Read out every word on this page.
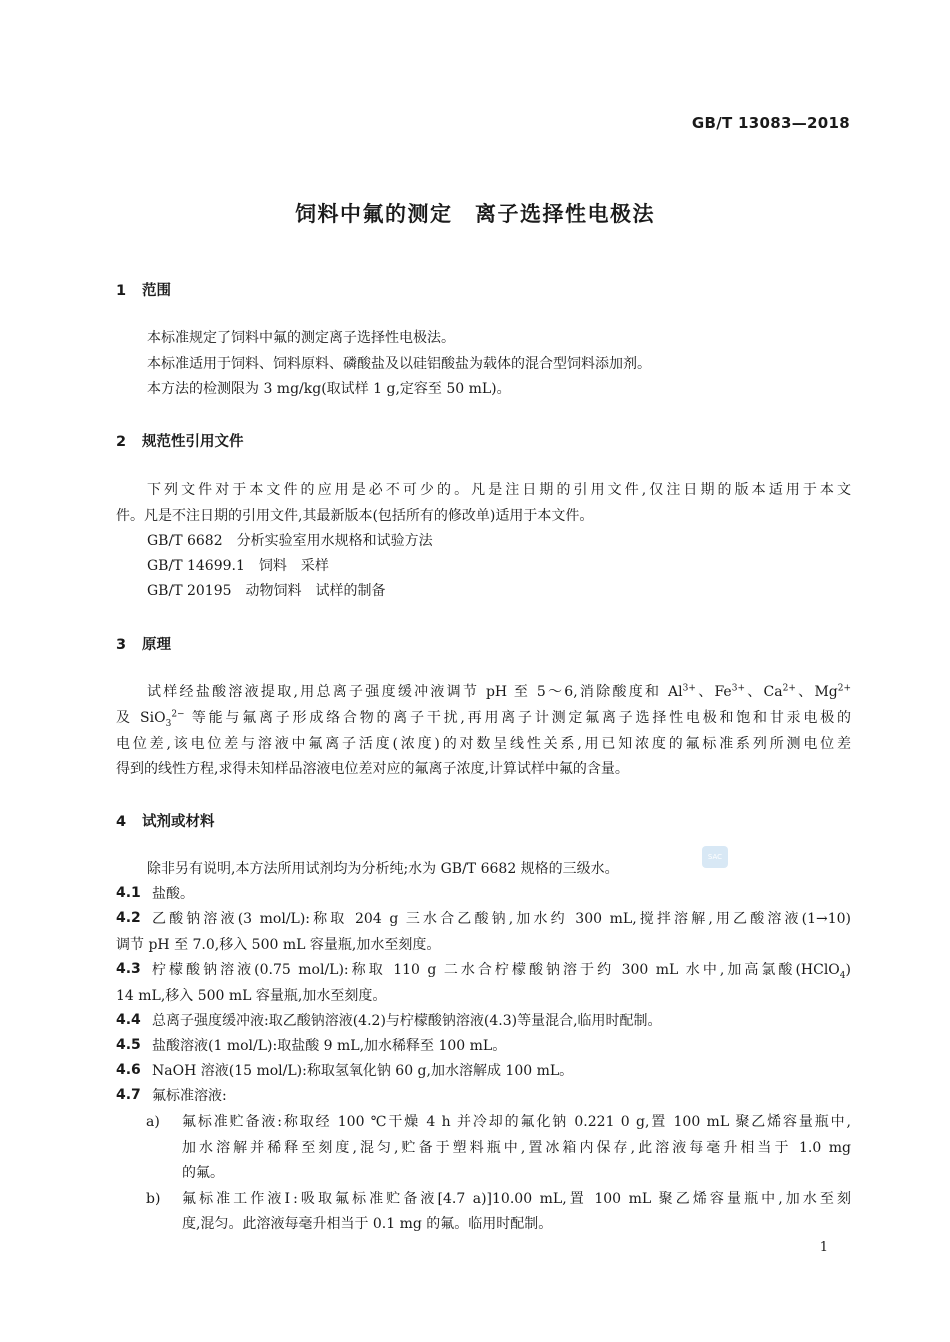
GB/T 13083—2018
饲料中氟的测定　离子选择性电极法
1 范围
本标准规定了饲料中氟的测定离子选择性电极法。
本标准适用于饲料、饲料原料、磷酸盐及以硅铝酸盐为载体的混合型饲料添加剂。
本方法的检测限为 3 mg/kg(取试样 1 g,定容至 50 mL)。
2 规范性引用文件
下列文件对于本文件的应用是必不可少的。凡是注日期的引用文件,仅注日期的版本适用于本文
件。凡是不注日期的引用文件,其最新版本(包括所有的修改单)适用于本文件。
GB/T 6682　分析实验室用水规格和试验方法
GB/T 14699.1　饲料　采样
GB/T 20195　动物饲料　试样的制备
3 原理
试样经盐酸溶液提取,用总离子强度缓冲液调节 pH 至 5～6,消除酸度和 $Al^{3+}$、$Fe^{3+}$、$Ca^{2+}$、$Mg^{2+}$
及 SiO$_3^{2-}$ 等能与氟离子形成络合物的离子干扰,再用离子计测定氟离子选择性电极和饱和甘汞电极的
电位差,该电位差与溶液中氟离子活度(浓度)的对数呈线性关系,用已知浓度的氟标准系列所测电位差
得到的线性方程,求得未知样品溶液电位差对应的氟离子浓度,计算试样中氟的含量。
4 试剂或材料
除非另有说明,本方法所用试剂均为分析纯;水为 GB/T 6682 规格的三级水。
SAC
4.1 盐酸。
4.2 乙酸钠溶液(3 mol/L):称取 204 g 三水合乙酸钠,加水约 300 mL,搅拌溶解,用乙酸溶液(1→10)
调节 pH 至 7.0,移入 500 mL 容量瓶,加水至刻度。
4.3 柠檬酸钠溶液(0.75 mol/L):称取 110 g 二水合柠檬酸钠溶于约 300 mL 水中,加高氯酸(HClO$_4$)
14 mL,移入 500 mL 容量瓶,加水至刻度。
4.4 总离子强度缓冲液:取乙酸钠溶液(4.2)与柠檬酸钠溶液(4.3)等量混合,临用时配制。
4.5 盐酸溶液(1 mol/L):取盐酸 9 mL,加水稀释至 100 mL。
4.6 NaOH 溶液(15 mol/L):称取氢氧化钠 60 g,加水溶解成 100 mL。
4.7 氟标准溶液:
a) 氟标准贮备液:称取经 100 ℃干燥 4 h 并冷却的氟化钠 0.221 0 g,置 100 mL 聚乙烯容量瓶中,
加水溶解并稀释至刻度,混匀,贮备于塑料瓶中,置冰箱内保存,此溶液每毫升相当于 1.0 mg
的氟。
b) 氟标准工作液Ⅰ:吸取氟标准贮备液[4.7 a)]10.00 mL,置 100 mL 聚乙烯容量瓶中,加水至刻
度,混匀。此溶液每毫升相当于 0.1 mg 的氟。临用时配制。
1
